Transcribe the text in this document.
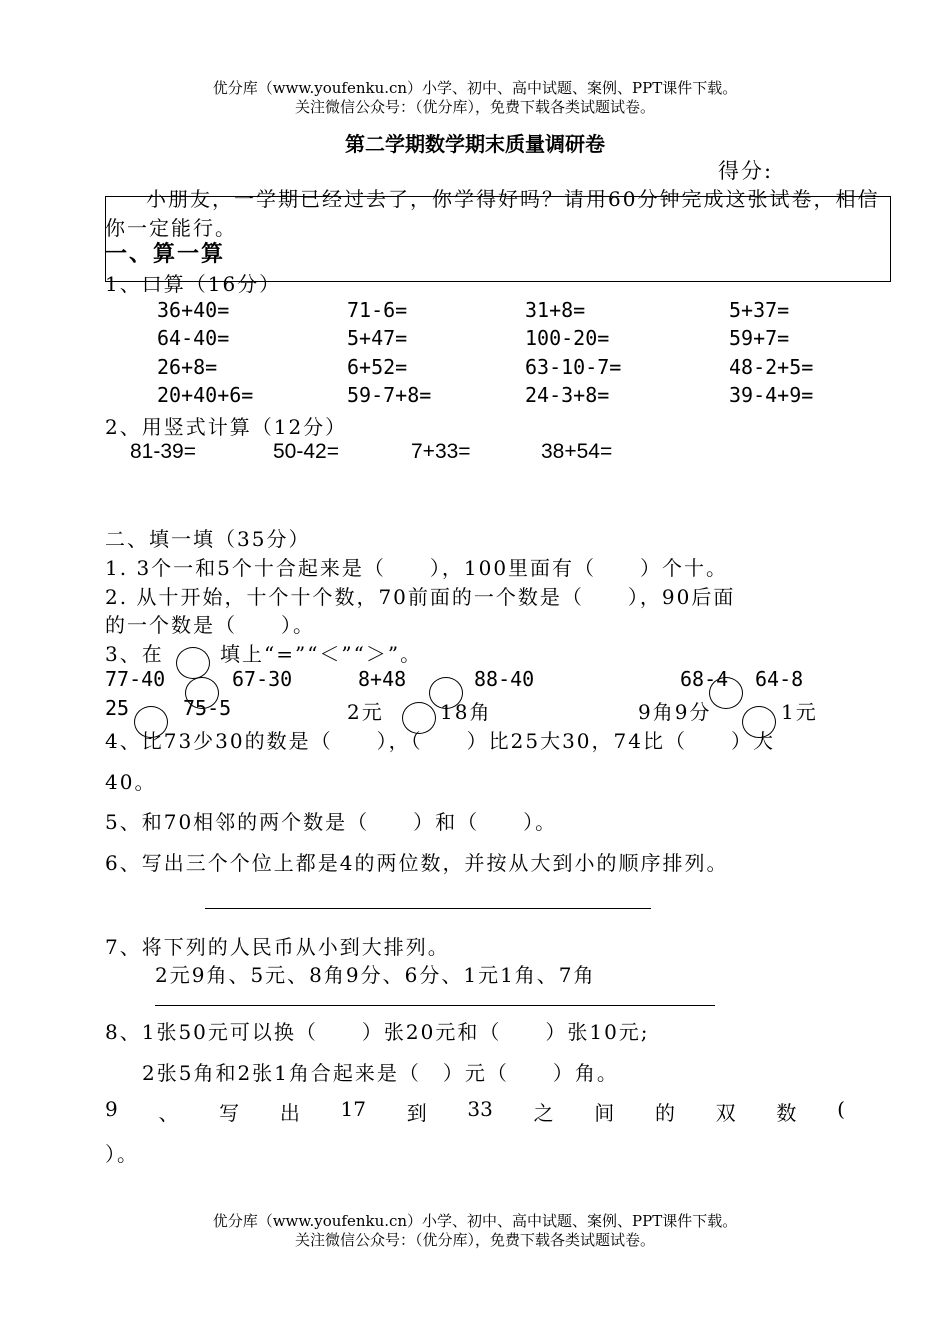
优分库（www.youfenku.cn）小学、初中、高中试题、案例、PPT课件下载。
关注微信公众号：（优分库），免费下载各类试题试卷。
第二学期数学期末质量调研卷
得分:
小朋友，一学期已经过去了，你学得好吗？请用60分钟完成这张试卷，相信
你一定能行。
一、算一算
1、口算（16分）
36+40=	71-6=	31+8=	5+37=
64-40=	5+47=	100-20=	59+7=
26+8=	6+52=	63-10-7=	48-2+5=
20+40+6=	59-7+8=	24-3+8=	39-4+9=
2、用竖式计算（12分）
81-39=	50-42=	7+33=	38+54=
二、填一填（35分）
1. 3个一和5个十合起来是（　　），100里面有（　　）个十。
2. 从十开始，十个十个数，70前面的一个数是（　　），90后面
的一个数是（　　）。
3、在	填上“=”“＜”“＞”。
77-40	67-30	8+48	88-40	68-4 64-8
25	75-5	2元	18角	9角9分	1元
4、比73少30的数是（　　），（　　）比25大30，74比（　　）大
40。
5、和70相邻的两个数是（　　）和（　　）。
6、写出三个个位上都是4的两位数，并按从大到小的顺序排列。
7、将下列的人民币从小到大排列。
2元9角、5元、8角9分、6分、1元1角、7角
8、1张50元可以换（　　）张20元和（　　）张10元;
2张5角和2张1角合起来是（　）元（　　）角。
9 、 写 出 17 到 33 之 间 的 双 数 (
）。
优分库（www.youfenku.cn）小学、初中、高中试题、案例、PPT课件下载。
关注微信公众号：（优分库），免费下载各类试题试卷。
